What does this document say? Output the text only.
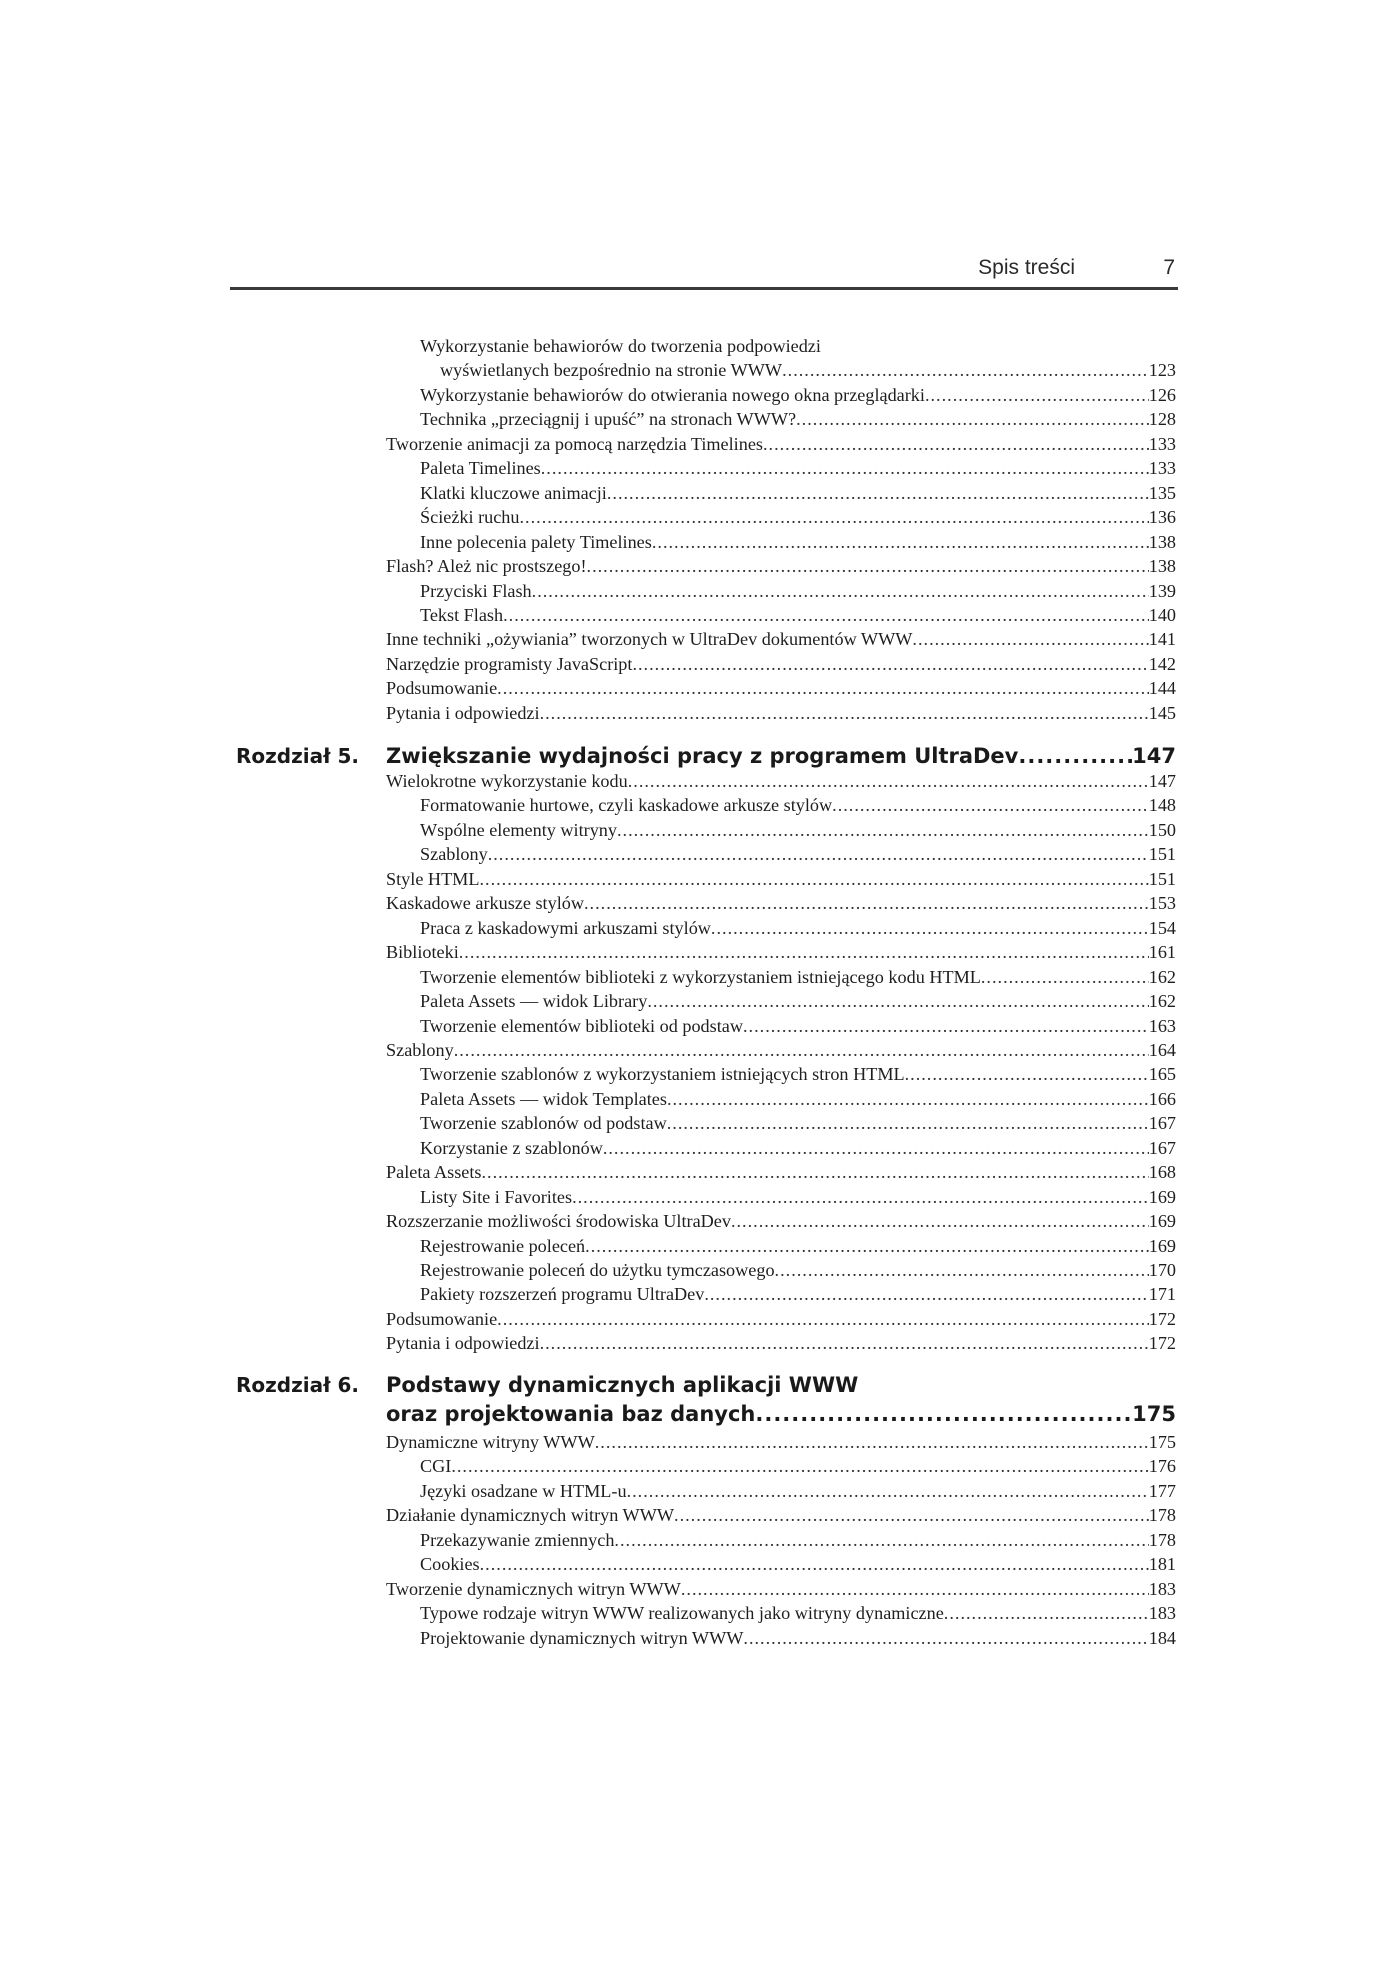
Spis treści	7
Rozdział 5. Zwiększanie wydajności pracy z programem UltraDev .....	147
Rozdział 6. Podstawy dynamicznych aplikacji WWW
oraz projektowania baz danych .....	175
Wykorzystanie behawiorów do tworzenia podpowiedzi
wyświetlanych bezpośrednio na stronie WWW .....	123
Wykorzystanie behawiorów do otwierania nowego okna przeglądarki .....	126
Technika „przeciągnij i upuść” na stronach WWW? .....	128
Tworzenie animacji za pomocą narzędzia Timelines .....	133
Paleta Timelines .....	133
Klatki kluczowe animacji .....	135
Ścieżki ruchu .....	136
Inne polecenia palety Timelines .....	138
Flash? Ależ nic prostszego! .....	138
Przyciski Flash .....	139
Tekst Flash .....	140
Inne techniki „ożywiania” tworzonych w UltraDev dokumentów WWW .....	141
Narzędzie programisty JavaScript .....	142
Podsumowanie .....	144
Pytania i odpowiedzi .....	145
Wielokrotne wykorzystanie kodu .....	147
Formatowanie hurtowe, czyli kaskadowe arkusze stylów .....	148
Wspólne elementy witryny .....	150
Szablony .....	151
Style HTML .....	151
Kaskadowe arkusze stylów .....	153
Praca z kaskadowymi arkuszami stylów .....	154
Biblioteki .....	161
Tworzenie elementów biblioteki z wykorzystaniem istniejącego kodu HTML .....	162
Paleta Assets — widok Library .....	162
Tworzenie elementów biblioteki od podstaw .....	163
Szablony .....	164
Tworzenie szablonów z wykorzystaniem istniejących stron HTML .....	165
Paleta Assets — widok Templates .....	166
Tworzenie szablonów od podstaw .....	167
Korzystanie z szablonów .....	167
Paleta Assets .....	168
Listy Site i Favorites .....	169
Rozszerzanie możliwości środowiska UltraDev .....	169
Rejestrowanie poleceń .....	169
Rejestrowanie poleceń do użytku tymczasowego .....	170
Pakiety rozszerzeń programu UltraDev .....	171
Podsumowanie .....	172
Pytania i odpowiedzi .....	172
Dynamiczne witryny WWW .....	175
CGI .....	176
Języki osadzane w HTML-u .....	177
Działanie dynamicznych witryn WWW .....	178
Przekazywanie zmiennych .....	178
Cookies .....	181
Tworzenie dynamicznych witryn WWW .....	183
Typowe rodzaje witryn WWW realizowanych jako witryny dynamiczne .....	183
Projektowanie dynamicznych witryn WWW .....	184
